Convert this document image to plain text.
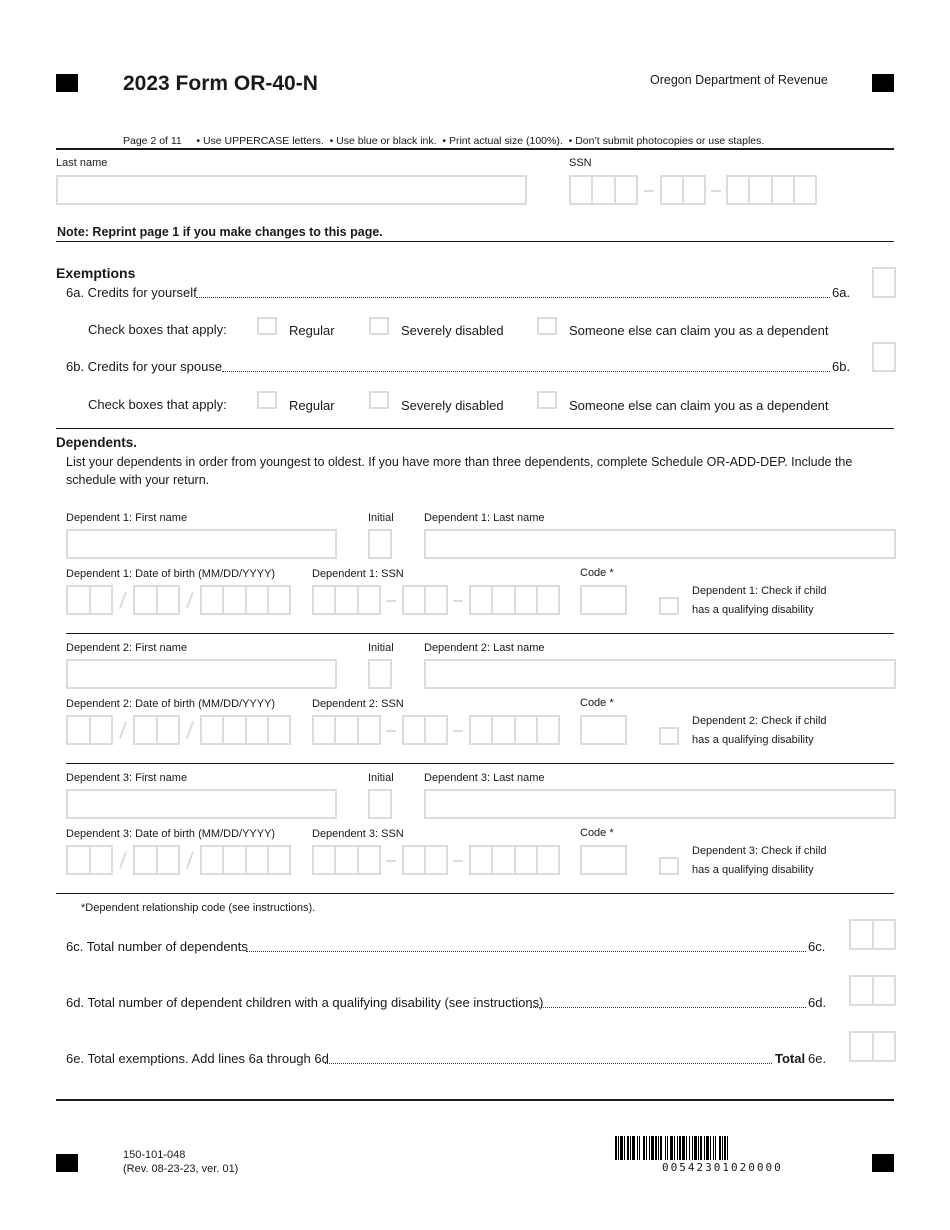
2023 Form OR-40-N	Oregon Department of Revenue
Page 2 of 11     • Use UPPERCASE letters.  • Use blue or black ink.  • Print actual size (100%).  • Don’t submit photocopies or use staples.
Last name	SSN
Note: Reprint page 1 if you make changes to this page.
Exemptions
6a. Credits for yourself	6a.
Check boxes that apply:	Regular	Severely disabled	Someone else can claim you as a dependent
6b. Credits for your spouse	6b.
Check boxes that apply:	Regular	Severely disabled	Someone else can claim you as a dependent
Dependents.
List your dependents in order from youngest to oldest. If you have more than three dependents, complete Schedule OR-ADD-DEP. Include the
schedule with your return.
Dependent 1: First name	Initial	Dependent 1: Last name
Dependent 1: Date of birth (MM/DD/YYYY)	Dependent 1: SSN	Code *
Dependent 1: Check if child
has a qualifying disability
Dependent 2: First name	Initial	Dependent 2: Last name
Dependent 2: Date of birth (MM/DD/YYYY)	Dependent 2: SSN	Code *
Dependent 2: Check if child
has a qualifying disability
Dependent 3: First name	Initial	Dependent 3: Last name
Dependent 3: Date of birth (MM/DD/YYYY)	Dependent 3: SSN	Code *
Dependent 3: Check if child
has a qualifying disability
*Dependent relationship code (see instructions).
6c. Total number of dependents	6c.
6d. Total number of dependent children with a qualifying disability (see instructions)	6d.
6e. Total exemptions. Add lines 6a through 6d	Total 6e.
150-101-048
(Rev. 08-23-23, ver. 01)	00542301020000
